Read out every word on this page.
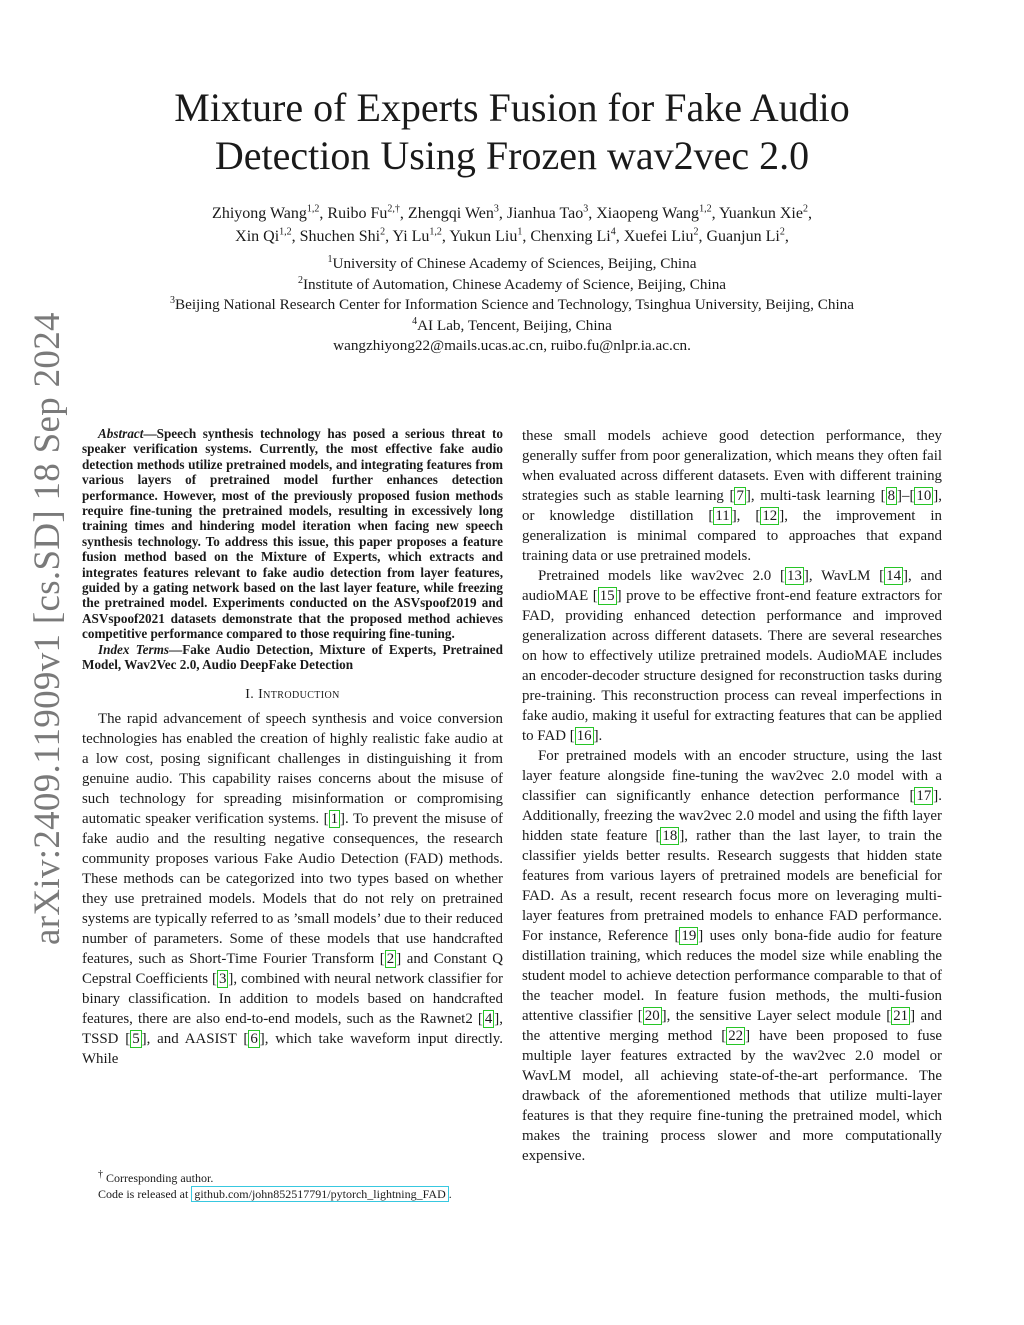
arXiv:2409.11909v1 [cs.SD] 18 Sep 2024
Mixture of Experts Fusion for Fake Audio
Detection Using Frozen wav2vec 2.0
Zhiyong Wang$^{1,2}$, Ruibo $Fu^{2,\dagger}$, Zhengqi Wen$^3$, Jianhua Tao$^3$, Xiaopeng Wang$^{1,2}$, Yuankun Xie$^2$,
Xin Qi$^{1,2}$, Shuchen Shi$^2$, Yi Lu$^{1,2}$, Yukun Liu$^1$, Chenxing Li$^4$, Xuefei Liu$^2$, Guanjun Li$^2$,
$^1$University of Chinese Academy of Sciences, Beijing, China
$^2$Institute of Automation, Chinese Academy of Science, Beijing, China
$^3$Beijing National Research Center for Information Science and Technology, Tsinghua University, Beijing, China
$^4$AI Lab, Tencent, Beijing, China
wangzhiyong22@mails.ucas.ac.cn, ruibo.fu@nlpr.ia.ac.cn.

Abstract—Speech synthesis technology has posed a serious threat to speaker verification systems. Currently, the most effective fake audio detection methods utilize pretrained models, and integrating features from various layers of pretrained model further enhances detection performance. However, most of the previously proposed fusion methods require fine-tuning the pretrained models, resulting in excessively long training times and hindering model iteration when facing new speech synthesis technology. To address this issue, this paper proposes a feature fusion method based on the Mixture of Experts, which extracts and integrates features relevant to fake audio detection from layer features, guided by a gating network based on the last layer feature, while freezing the pretrained model. Experiments conducted on the ASVspoof2019 and ASVspoof2021 datasets demonstrate that the proposed method achieves competitive performance compared to those requiring fine-tuning.

Index Terms—Fake Audio Detection, Mixture of Experts, Pretrained Model, Wav2Vec 2.0, Audio DeepFake Detection

I. Introduction

The rapid advancement of speech synthesis and voice conversion technologies has enabled the creation of highly realistic fake audio at a low cost, posing significant challenges in distinguishing it from genuine audio. This capability raises concerns about the misuse of such technology for spreading misinformation or compromising automatic speaker verification systems. [ 1 ]. To prevent the misuse of fake audio and the resulting negative consequences, the research community proposes various Fake Audio Detection (FAD) methods. These methods can be categorized into two types based on whether they use pretrained models. Models that do not rely on pretrained systems are typically referred to as ’small models’ due to their reduced number of parameters. Some of these models that use handcrafted features, such as Short-Time Fourier Transform [ 2 ] and Constant Q Cepstral Coefficients [ 3 ], combined with neural network classifier for binary classification. In addition to models based on handcrafted features, there are also end-to-end models, such as the Rawnet2 [ 4 ], TSSD [ 5 ], and AASIST [ 6 ], which take waveform input directly. While

these small models achieve good detection performance, they generally suffer from poor generalization, which means they often fail when evaluated across different datasets. Even with different training strategies such as stable learning [ 7 ], multi-task learning [ 8 ]–[ 10 ], or knowledge distillation [ 11 ], [ 12 ], the improvement in generalization is minimal compared to approaches that expand training data or use pretrained models.

Pretrained models like wav2vec 2.0 [ 13 ], WavLM [ 14 ], and audioMAE [ 15 ] prove to be effective front-end feature extractors for FAD, providing enhanced detection performance and improved generalization across different datasets. There are several researches on how to effectively utilize pretrained models. AudioMAE includes an encoder-decoder structure designed for reconstruction tasks during pre-training. This reconstruction process can reveal imperfections in fake audio, making it useful for extracting features that can be applied to FAD [ 16 ].

For pretrained models with an encoder structure, using the last layer feature alongside fine-tuning the wav2vec 2.0 model with a classifier can significantly enhance detection performance [ 17 ]. Additionally, freezing the wav2vec 2.0 model and using the fifth layer hidden state feature [ 18 ], rather than the last layer, to train the classifier yields better results. Research suggests that hidden state features from various layers of pretrained models are beneficial for FAD. As a result, recent research focus more on leveraging multi-layer features from pretrained models to enhance FAD performance. For instance, Reference [ 19 ] uses only bona-fide audio for feature distillation training, which reduces the model size while enabling the student model to achieve detection performance comparable to that of the teacher model. In feature fusion methods, the multi-fusion attentive classifier [ 20 ], the sensitive Layer select module [ 21 ] and the attentive merging method [ 22 ] have been proposed to fuse multiple layer features extracted by the wav2vec 2.0 model or WavLM model, all achieving state-of-the-art performance. The drawback of the aforementioned methods that utilize multi-layer features is that they require fine-tuning the pretrained model, which makes the training process slower and more computationally expensive.

† Corresponding author.
Code is released at github.com/john852517791/pytorch_lightning_FAD .
